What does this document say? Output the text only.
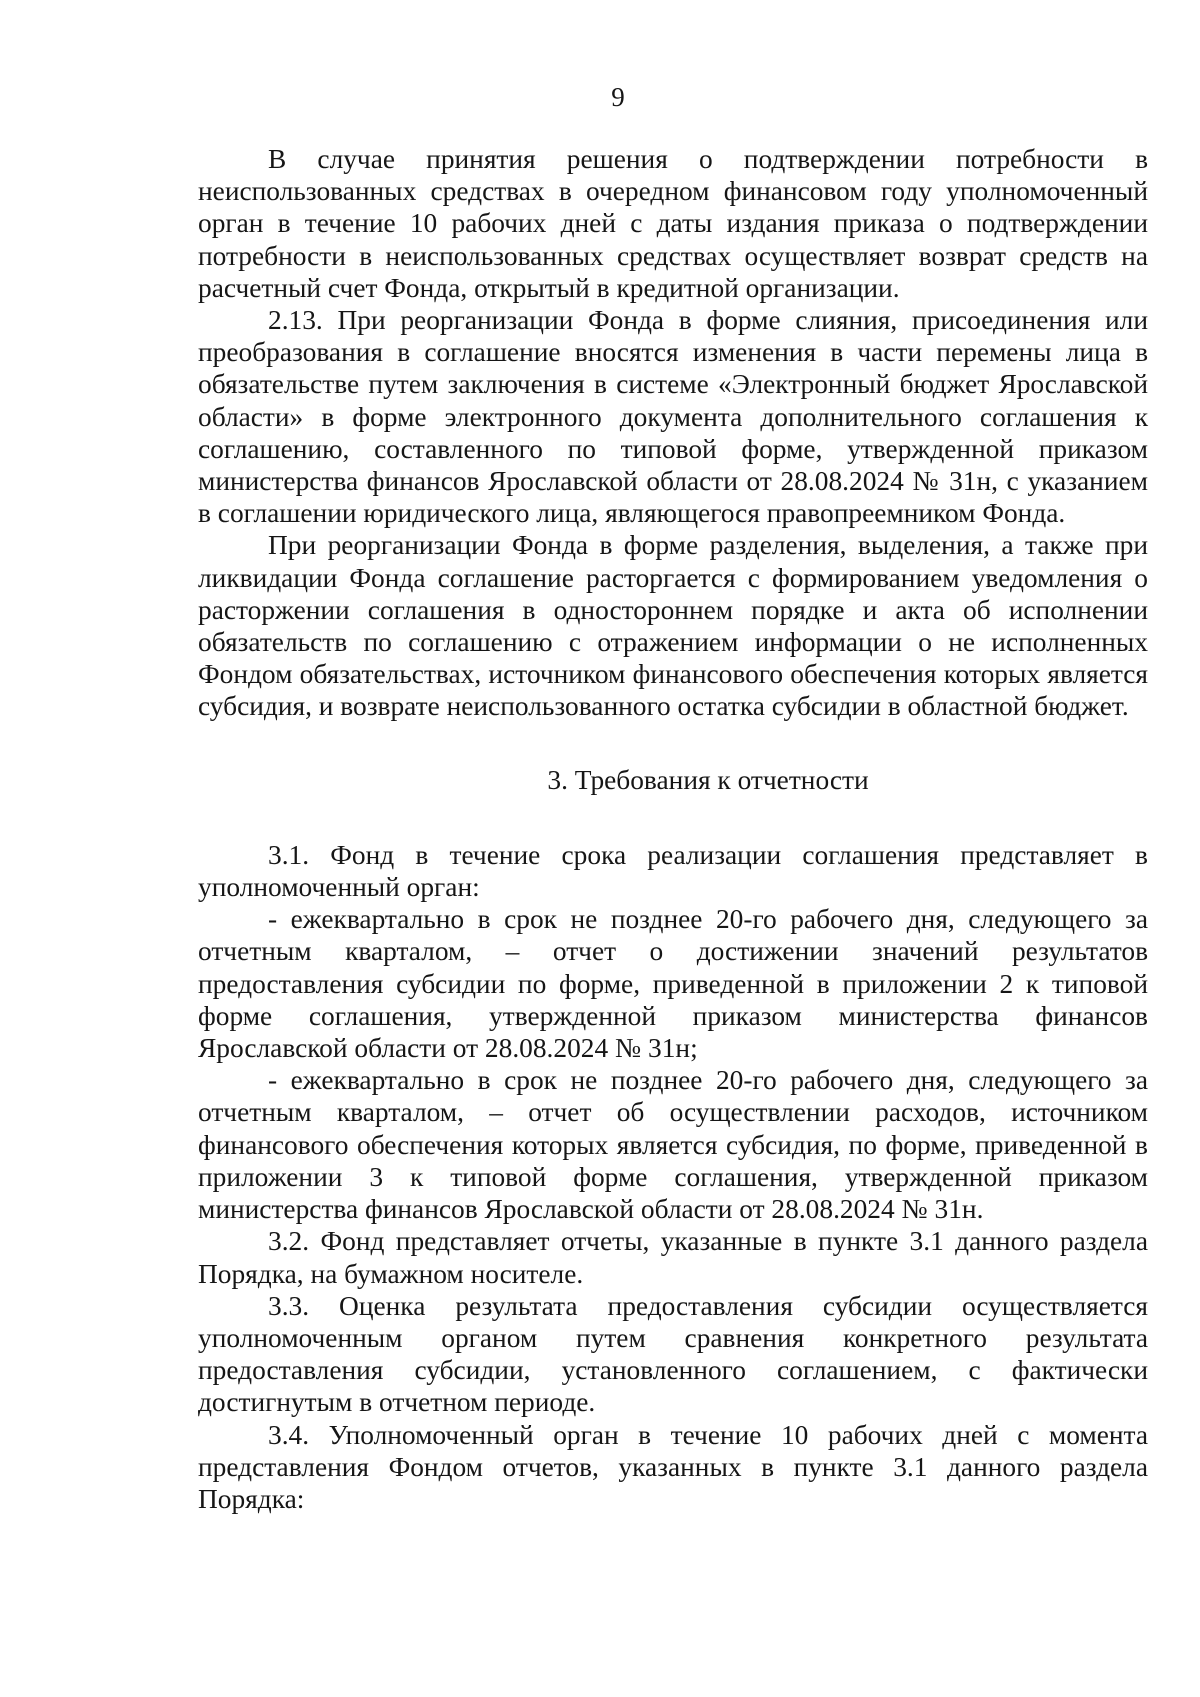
9

В случае принятия решения о подтверждении потребности в неиспользованных средствах в очередном финансовом году уполномоченный орган в течение 10 рабочих дней с даты издания приказа о подтверждении потребности в неиспользованных средствах осуществляет возврат средств на расчетный счет Фонда, открытый в кредитной организации.

2.13. При реорганизации Фонда в форме слияния, присоединения или преобразования в соглашение вносятся изменения в части перемены лица в обязательстве путем заключения в системе «Электронный бюджет Ярославской области» в форме электронного документа дополнительного соглашения к соглашению, составленного по типовой форме, утвержденной приказом министерства финансов Ярославской области от 28.08.2024 № 31н, с указанием в соглашении юридического лица, являющегося правопреемником Фонда.

При реорганизации Фонда в форме разделения, выделения, а также при ликвидации Фонда соглашение расторгается с формированием уведомления о расторжении соглашения в одностороннем порядке и акта об исполнении обязательств по соглашению с отражением информации о не исполненных Фондом обязательствах, источником финансового обеспечения которых является субсидия, и возврате неиспользованного остатка субсидии в областной бюджет.

3. Требования к отчетности

3.1. Фонд в течение срока реализации соглашения представляет в уполномоченный орган:

- ежеквартально в срок не позднее 20-го рабочего дня, следующего за отчетным кварталом, – отчет о достижении значений результатов предоставления субсидии по форме, приведенной в приложении 2 к типовой форме соглашения, утвержденной приказом министерства финансов Ярославской области от 28.08.2024 № 31н;

- ежеквартально в срок не позднее 20-го рабочего дня, следующего за отчетным кварталом, – отчет об осуществлении расходов, источником финансового обеспечения которых является субсидия, по форме, приведенной в приложении 3 к типовой форме соглашения, утвержденной приказом министерства финансов Ярославской области от 28.08.2024 № 31н.

3.2. Фонд представляет отчеты, указанные в пункте 3.1 данного раздела Порядка, на бумажном носителе.

3.3. Оценка результата предоставления субсидии осуществляется уполномоченным органом путем сравнения конкретного результата предоставления субсидии, установленного соглашением, с фактически достигнутым в отчетном периоде.

3.4. Уполномоченный орган в течение 10 рабочих дней с момента представления Фондом отчетов, указанных в пункте 3.1 данного раздела Порядка:
